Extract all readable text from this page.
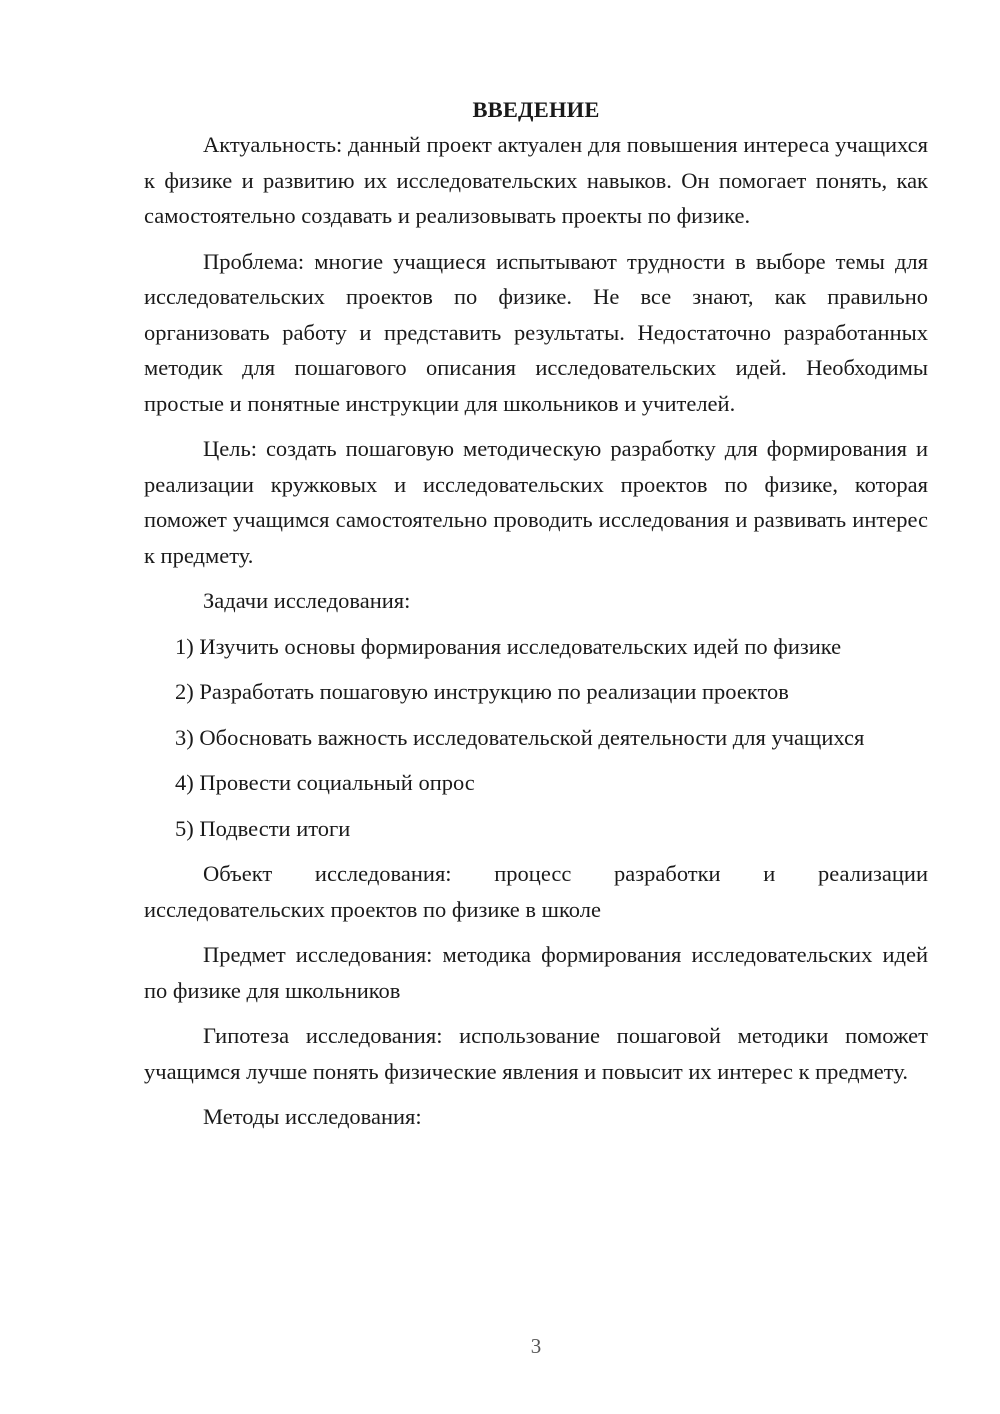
ВВЕДЕНИЕ

Актуальность: данный проект актуален для повышения интереса учащихся к физике и развитию их исследовательских навыков. Он помогает понять, как самостоятельно создавать и реализовывать проекты по физике.

Проблема: многие учащиеся испытывают трудности в выборе темы для исследовательских проектов по физике. Не все знают, как правильно организовать работу и представить результаты. Недостаточно разработанных методик для пошагового описания исследовательских идей. Необходимы простые и понятные инструкции для школьников и учителей.

Цель: создать пошаговую методическую разработку для формирования и реализации кружковых и исследовательских проектов по физике, которая поможет учащимся самостоятельно проводить исследования и развивать интерес к предмету.

Задачи исследования:

1) Изучить основы формирования исследовательских идей по физике

2) Разработать пошаговую инструкцию по реализации проектов

3) Обосновать важность исследовательской деятельности для учащихся

4) Провести социальный опрос

5) Подвести итоги

Объект исследования: процесс разработки и реализации исследовательских проектов по физике в школе

Предмет исследования: методика формирования исследовательских идей по физике для школьников

Гипотеза исследования: использование пошаговой методики поможет учащимся лучше понять физические явления и повысит их интерес к предмету.

Методы исследования:

3
